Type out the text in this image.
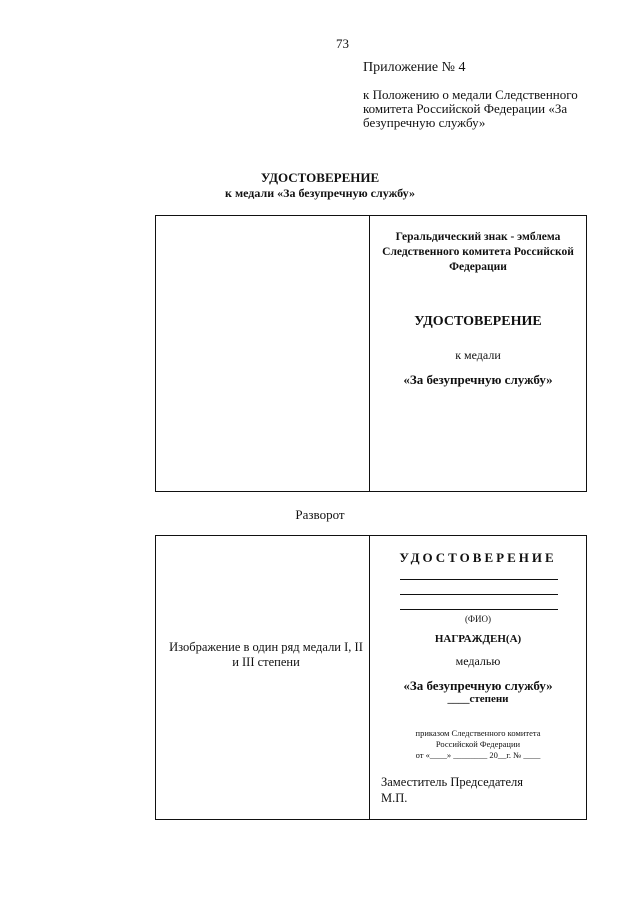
73
Приложение № 4
к Положению о медали Следственного комитета Российской Федерации «За безупречную службу»
УДОСТОВЕРЕНИЕ
к медали «За безупречную службу»
Геральдический знак - эмблема Следственного комитета Российской Федерации
УДОСТОВЕРЕНИЕ
к медали
«За безупречную службу»
Разворот
Изображение в один ряд медали I, II и III степени
УДОСТОВЕРЕНИЕ
(ФИО)
НАГРАЖДЕН(А)
медалью
«За безупречную службу»
____степени
приказом Следственного комитета
Российской Федерации
от «____» ________ 20__г. № ____
Заместитель Председателя
М.П.
